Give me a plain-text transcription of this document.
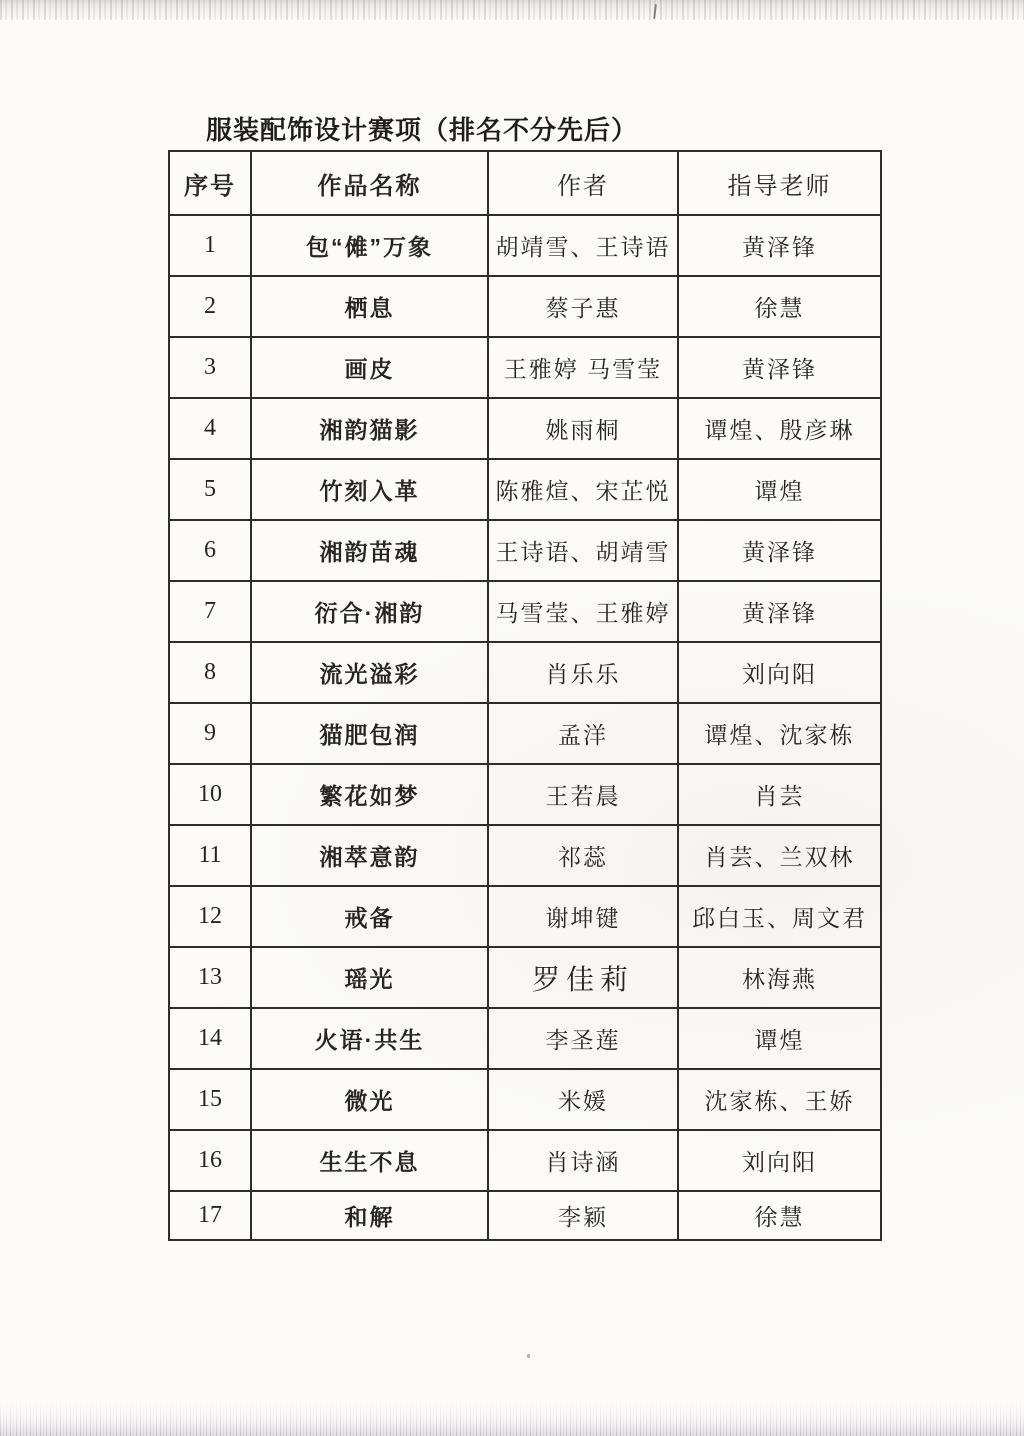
服装配饰设计赛项（排名不分先后）
序号	作品名称	作者	指导老师
1	包“傩”万象	胡靖雪、王诗语	黄泽锋
2	栖息	蔡子惠	徐慧
3	画皮	王雅婷 马雪莹	黄泽锋
4	湘韵猫影	姚雨桐	谭煌、殷彦琳
5	竹刻入革	陈雅煊、宋芷悦	谭煌
6	湘韵苗魂	王诗语、胡靖雪	黄泽锋
7	衍合·湘韵	马雪莹、王雅婷	黄泽锋
8	流光溢彩	肖乐乐	刘向阳
9	猫肥包润	孟洋	谭煌、沈家栋
10	繁花如梦	王若晨	肖芸
11	湘萃意韵	祁蕊	肖芸、兰双林
12	戒备	谢坤键	邱白玉、周文君
13	瑶光	罗佳莉	林海燕
14	火语·共生	李圣莲	谭煌
15	微光	米媛	沈家栋、王娇
16	生生不息	肖诗涵	刘向阳
17	和解	李颖	徐慧
